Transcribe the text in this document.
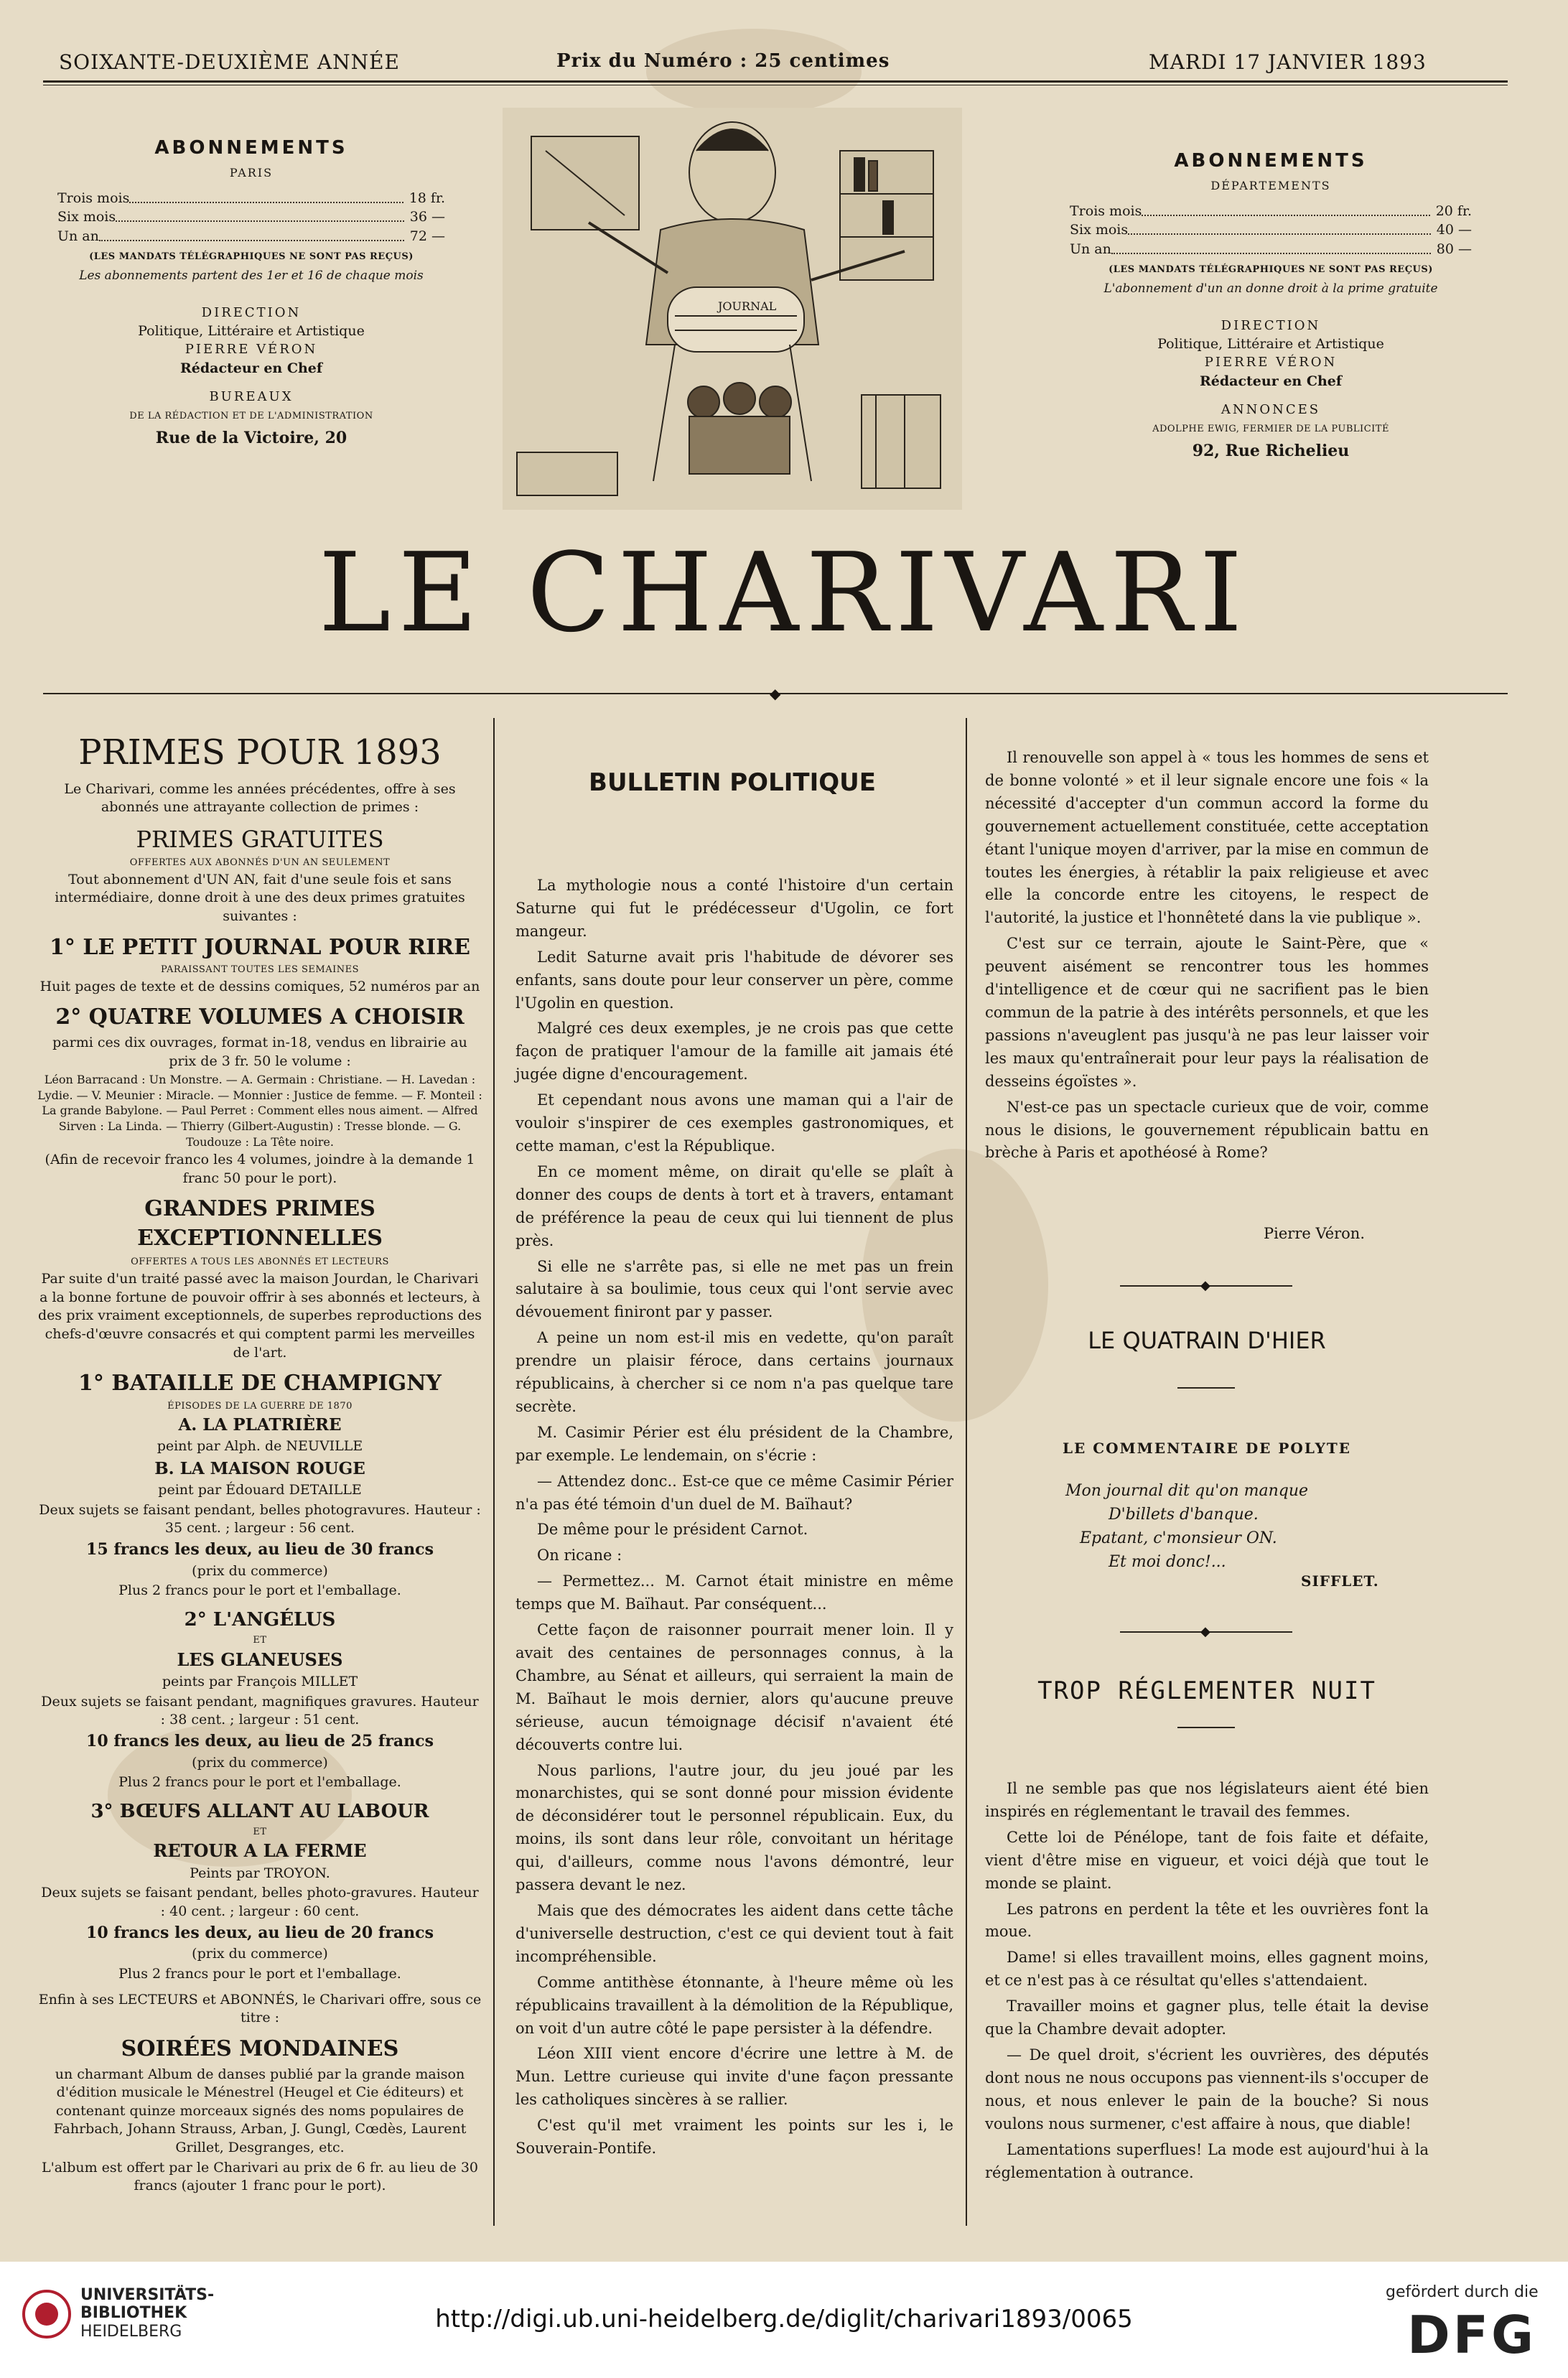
SOIXANTE-DEUXIÈME ANNÉE	Prix du Numéro : 25 centimes	MARDI 17 JANVIER 1893
ABONNEMENTS
PARIS
Trois mois	18 fr.
Six mois	36 —
Un an	72 —
(LES MANDATS TÉLÉGRAPHIQUES NE SONT PAS REÇUS)
Les abonnements partent des 1er et 16 de chaque mois
DIRECTION
Politique, Littéraire et Artistique
PIERRE VÉRON
Rédacteur en Chef
BUREAUX
DE LA RÉDACTION ET DE L'ADMINISTRATION
Rue de la Victoire, 20
JOURNAL
ABONNEMENTS
DÉPARTEMENTS
Trois mois	20 fr.
Six mois	40 —
Un an	80 —
(LES MANDATS TÉLÉGRAPHIQUES NE SONT PAS REÇUS)
L'abonnement d'un an donne droit à la prime gratuite
DIRECTION
Politique, Littéraire et Artistique
PIERRE VÉRON
Rédacteur en Chef
ANNONCES
ADOLPHE EWIG, FERMIER DE LA PUBLICITÉ
92, Rue Richelieu
LE CHARIVARI
◆
PRIMES POUR 1893
Le Charivari, comme les années précédentes, offre à ses abonnés une attrayante collection de primes :
PRIMES GRATUITES
OFFERTES AUX ABONNÉS D'UN AN SEULEMENT
Tout abonnement d'UN AN, fait d'une seule fois et sans intermédiaire, donne droit à une des deux primes gratuites suivantes :
1° LE PETIT JOURNAL POUR RIRE
PARAISSANT TOUTES LES SEMAINES
Huit pages de texte et de dessins comiques, 52 numéros par an
2° QUATRE VOLUMES A CHOISIR
parmi ces dix ouvrages, format in-18, vendus en librairie au prix de 3 fr. 50 le volume :
Léon Barracand : Un Monstre. — A. Germain : Christiane. — H. Lavedan : Lydie. — V. Meunier : Miracle. — Monnier : Justice de femme. — F. Monteil : La grande Babylone. — Paul Perret : Comment elles nous aiment. — Alfred Sirven : La Linda. — Thierry (Gilbert-Augustin) : Tresse blonde. — G. Toudouze : La Tête noire.
(Afin de recevoir franco les 4 volumes, joindre à la demande 1 franc 50 pour le port).
GRANDES PRIMES EXCEPTIONNELLES
OFFERTES A TOUS LES ABONNÉS ET LECTEURS
Par suite d'un traité passé avec la maison Jourdan, le Charivari a la bonne fortune de pouvoir offrir à ses abonnés et lecteurs, à des prix vraiment exceptionnels, de superbes reproductions des chefs-d'œuvre consacrés et qui comptent parmi les merveilles de l'art.
1° BATAILLE DE CHAMPIGNY
ÉPISODES DE LA GUERRE DE 1870
A. LA PLATRIÈRE
peint par Alph. de NEUVILLE
B. LA MAISON ROUGE
peint par Édouard DETAILLE
Deux sujets se faisant pendant, belles photogravures. Hauteur : 35 cent. ; largeur : 56 cent.
15 francs les deux, au lieu de 30 francs
(prix du commerce)
Plus 2 francs pour le port et l'emballage.
2° L'ANGÉLUS
ET
LES GLANEUSES
peints par François MILLET
Deux sujets se faisant pendant, magnifiques gravures. Hauteur : 38 cent. ; largeur : 51 cent.
10 francs les deux, au lieu de 25 francs
(prix du commerce)
Plus 2 francs pour le port et l'emballage.
3° BŒUFS ALLANT AU LABOUR
ET
RETOUR A LA FERME
Peints par TROYON.
Deux sujets se faisant pendant, belles photo-gravures. Hauteur : 40 cent. ; largeur : 60 cent.
10 francs les deux, au lieu de 20 francs
(prix du commerce)
Plus 2 francs pour le port et l'emballage.
Enfin à ses LECTEURS et ABONNÉS, le Charivari offre, sous ce titre :
SOIRÉES MONDAINES
un charmant Album de danses publié par la grande maison d'édition musicale le Ménestrel (Heugel et Cie éditeurs) et contenant quinze morceaux signés des noms populaires de Fahrbach, Johann Strauss, Arban, J. Gungl, Cœdès, Laurent Grillet, Desgranges, etc.
L'album est offert par le Charivari au prix de 6 fr. au lieu de 30 francs (ajouter 1 franc pour le port).
BULLETIN POLITIQUE

La mythologie nous a conté l'histoire d'un certain Saturne qui fut le prédécesseur d'Ugolin, ce fort mangeur.

Ledit Saturne avait pris l'habitude de dévorer ses enfants, sans doute pour leur conserver un père, comme l'Ugolin en question.

Malgré ces deux exemples, je ne crois pas que cette façon de pratiquer l'amour de la famille ait jamais été jugée digne d'encouragement.

Et cependant nous avons une maman qui a l'air de vouloir s'inspirer de ces exemples gastronomiques, et cette maman, c'est la République.

En ce moment même, on dirait qu'elle se plaît à donner des coups de dents à tort et à travers, entamant de préférence la peau de ceux qui lui tiennent de plus près.

Si elle ne s'arrête pas, si elle ne met pas un frein salutaire à sa boulimie, tous ceux qui l'ont servie avec dévouement finiront par y passer.

A peine un nom est-il mis en vedette, qu'on paraît prendre un plaisir féroce, dans certains journaux républicains, à chercher si ce nom n'a pas quelque tare secrète.

M. Casimir Périer est élu président de la Chambre, par exemple. Le lendemain, on s'écrie :

— Attendez donc.. Est-ce que ce même Casimir Périer n'a pas été témoin d'un duel de M. Baïhaut?

De même pour le président Carnot.

On ricane :

— Permettez... M. Carnot était ministre en même temps que M. Baïhaut. Par conséquent...

Cette façon de raisonner pourrait mener loin. Il y avait des centaines de personnages connus, à la Chambre, au Sénat et ailleurs, qui serraient la main de M. Baïhaut le mois dernier, alors qu'aucune preuve sérieuse, aucun témoignage décisif n'avaient été découverts contre lui.

Nous parlions, l'autre jour, du jeu joué par les monarchistes, qui se sont donné pour mission évidente de déconsidérer tout le personnel républicain. Eux, du moins, ils sont dans leur rôle, convoitant un héritage qui, d'ailleurs, comme nous l'avons démontré, leur passera devant le nez.

Mais que des démocrates les aident dans cette tâche d'universelle destruction, c'est ce qui devient tout à fait incompréhensible.

Comme antithèse étonnante, à l'heure même où les républicains travaillent à la démolition de la République, on voit d'un autre côté le pape persister à la défendre.

Léon XIII vient encore d'écrire une lettre à M. de Mun. Lettre curieuse qui invite d'une façon pressante les catholiques sincères à se rallier.

C'est qu'il met vraiment les points sur les i, le Souverain-Pontife.

Il renouvelle son appel à « tous les hommes de sens et de bonne volonté » et il leur signale encore une fois « la nécessité d'accepter d'un commun accord la forme du gouvernement actuellement constituée, cette acceptation étant l'unique moyen d'arriver, par la mise en commun de toutes les énergies, à rétablir la paix religieuse et avec elle la concorde entre les citoyens, le respect de l'autorité, la justice et l'honnêteté dans la vie publique ».

C'est sur ce terrain, ajoute le Saint-Père, que « peuvent aisément se rencontrer tous les hommes d'intelligence et de cœur qui ne sacrifient pas le bien commun de la patrie à des intérêts personnels, et que les passions n'aveuglent pas jusqu'à ne pas leur laisser voir les maux qu'entraînerait pour leur pays la réalisation de desseins égoïstes ».

N'est-ce pas un spectacle curieux que de voir, comme nous le disions, le gouvernement républicain battu en brèche à Paris et apothéosé à Rome?

Pierre Véron.
◆
LE QUATRAIN D'HIER
LE COMMENTAIRE DE POLYTE
Mon journal dit qu'on manque
D'billets d'banque.
Epatant, c'monsieur ON.
Et moi donc!...
SIFFLET.
◆
TROP RÉGLEMENTER NUIT

Il ne semble pas que nos législateurs aient été bien inspirés en réglementant le travail des femmes.

Cette loi de Pénélope, tant de fois faite et défaite, vient d'être mise en vigueur, et voici déjà que tout le monde se plaint.

Les patrons en perdent la tête et les ouvrières font la moue.

Dame! si elles travaillent moins, elles gagnent moins, et ce n'est pas à ce résultat qu'elles s'attendaient.

Travailler moins et gagner plus, telle était la devise que la Chambre devait adopter.

— De quel droit, s'écrient les ouvrières, des députés dont nous ne nous occupons pas viennent-ils s'occuper de nous, et nous enlever le pain de la bouche? Si nous voulons nous surmener, c'est affaire à nous, que diable!

Lamentations superflues! La mode est aujourd'hui à la réglementation à outrance.

UNIVERSITÄTS-
BIBLIOTHEK
HEIDELBERG	http://digi.ub.uni-heidelberg.de/diglit/charivari1893/0065
gefördert durch die
DFG
